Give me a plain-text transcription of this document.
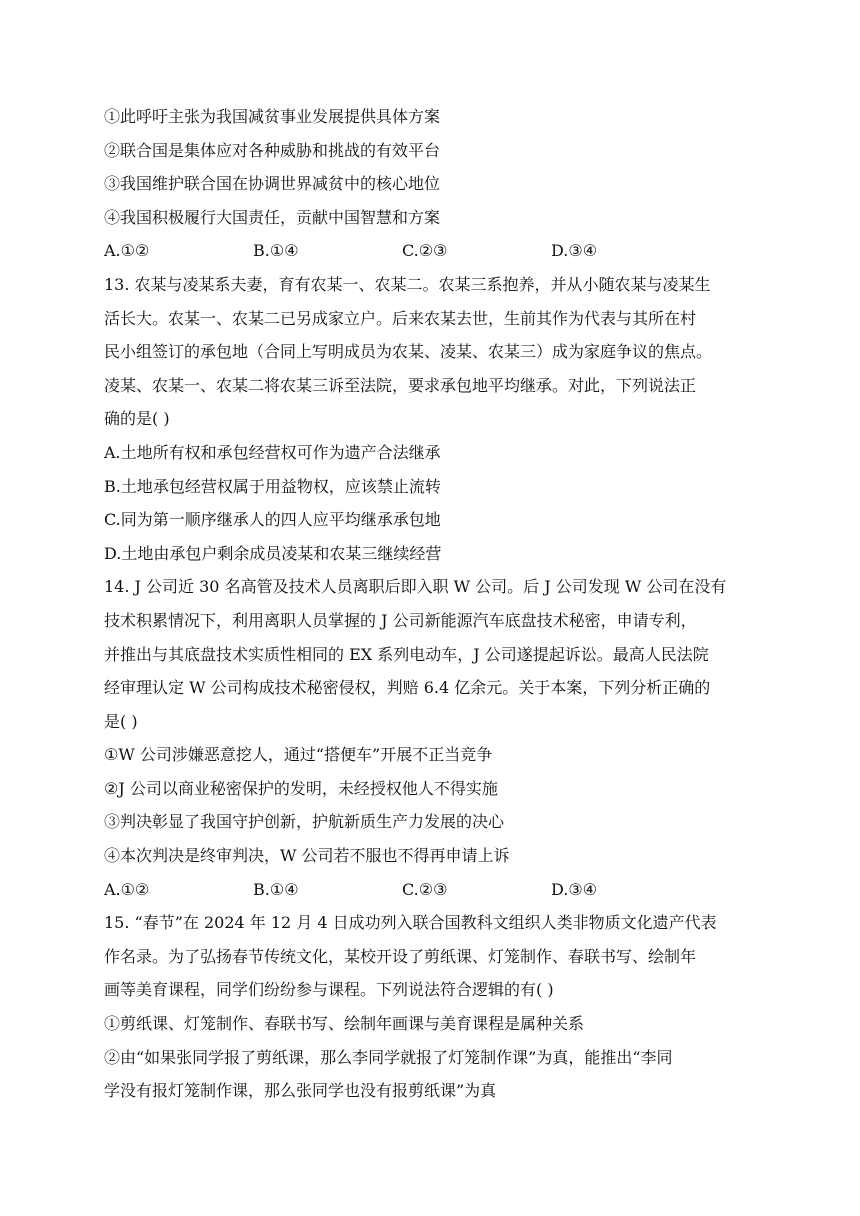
①此呼吁主张为我国减贫事业发展提供具体方案
②联合国是集体应对各种威胁和挑战的有效平台
③我国维护联合国在协调世界减贫中的核心地位
④我国积极履行大国责任，贡献中国智慧和方案
A.①②	B.①④	C.②③	D.③④
13. 农某与凌某系夫妻，育有农某一、农某二。农某三系抱养，并从小随农某与凌某生
活长大。农某一、农某二已另成家立户。后来农某去世，生前其作为代表与其所在村
民小组签订的承包地（合同上写明成员为农某、凌某、农某三）成为家庭争议的焦点。
凌某、农某一、农某二将农某三诉至法院，要求承包地平均继承。对此，下列说法正
确的是( )
A.土地所有权和承包经营权可作为遗产合法继承
B.土地承包经营权属于用益物权，应该禁止流转
C.同为第一顺序继承人的四人应平均继承承包地
D.土地由承包户剩余成员凌某和农某三继续经营
14. J 公司近 30 名高管及技术人员离职后即入职 W 公司。后 J 公司发现 W 公司在没有
技术积累情况下，利用离职人员掌握的 J 公司新能源汽车底盘技术秘密，申请专利，
并推出与其底盘技术实质性相同的 EX 系列电动车，J 公司遂提起诉讼。最高人民法院
经审理认定 W 公司构成技术秘密侵权，判赔 6.4 亿余元。关于本案，下列分析正确的
是( )
①W 公司涉嫌恶意挖人，通过“搭便车”开展不正当竞争
②J 公司以商业秘密保护的发明，未经授权他人不得实施
③判决彰显了我国守护创新，护航新质生产力发展的决心
④本次判决是终审判决，W 公司若不服也不得再申请上诉
A.①②	B.①④	C.②③	D.③④
15. “春节”在 2024 年 12 月 4 日成功列入联合国教科文组织人类非物质文化遗产代表
作名录。为了弘扬春节传统文化，某校开设了剪纸课、灯笼制作、春联书写、绘制年
画等美育课程，同学们纷纷参与课程。下列说法符合逻辑的有( )
①剪纸课、灯笼制作、春联书写、绘制年画课与美育课程是属种关系
②由“如果张同学报了剪纸课，那么李同学就报了灯笼制作课”为真，能推出“李同
学没有报灯笼制作课，那么张同学也没有报剪纸课”为真
